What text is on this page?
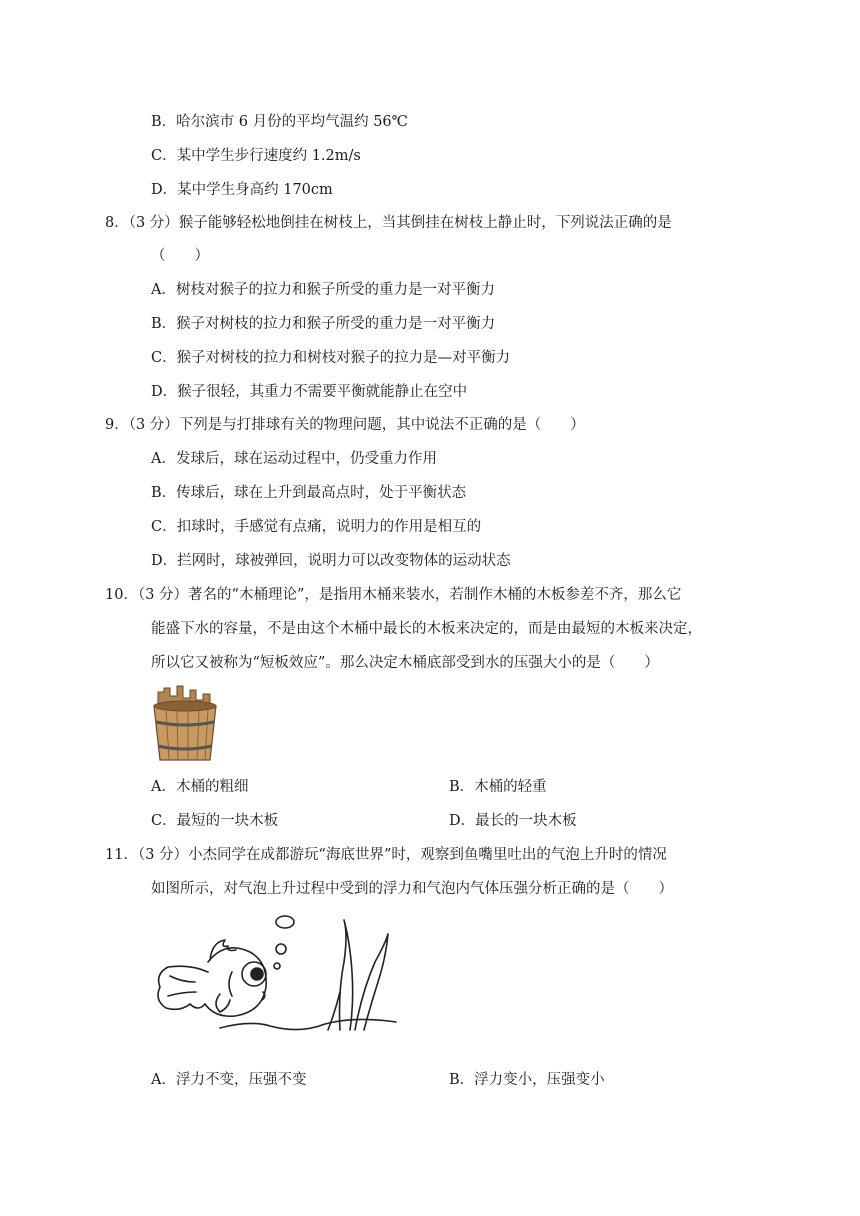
B．哈尔滨市 6 月份的平均气温约 56℃
C．某中学生步行速度约 1.2m/s
D．某中学生身高约 170cm
8．（3 分）猴子能够轻松地倒挂在树枝上，当其倒挂在树枝上静止时，下列说法正确的是
（　　）
A．树枝对猴子的拉力和猴子所受的重力是一对平衡力
B．猴子对树枝的拉力和猴子所受的重力是一对平衡力
C．猴子对树枝的拉力和树枝对猴子的拉力是—对平衡力
D．猴子很轻，其重力不需要平衡就能静止在空中
9．（3 分）下列是与打排球有关的物理问题，其中说法不正确的是（　　）
A．发球后，球在运动过程中，仍受重力作用
B．传球后，球在上升到最高点时，处于平衡状态
C．扣球时，手感觉有点痛，说明力的作用是相互的
D．拦网时，球被弹回，说明力可以改变物体的运动状态
10．（3 分）著名的“木桶理论”，是指用木桶来装水，若制作木桶的木板参差不齐，那么它
能盛下水的容量，不是由这个木桶中最长的木板来决定的，而是由最短的木板来决定，
所以它又被称为“短板效应”。那么决定木桶底部受到水的压强大小的是（　　）
A．木桶的粗细	B．木桶的轻重
C．最短的一块木板	D．最长的一块木板
11．（3 分）小杰同学在成都游玩“海底世界”时，观察到鱼嘴里吐出的气泡上升时的情况
如图所示，对气泡上升过程中受到的浮力和气泡内气体压强分析正确的是（　　）
A．浮力不变，压强不变	B．浮力变小，压强变小
